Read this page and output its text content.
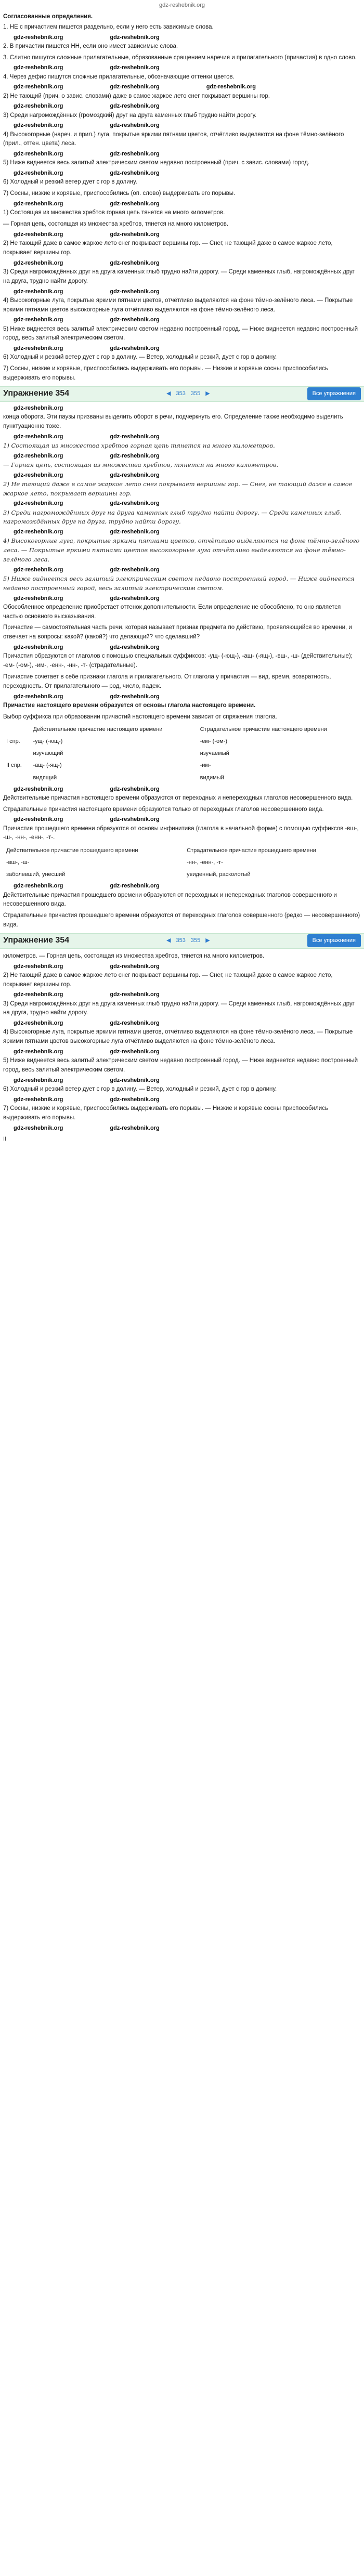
gdz-reshebnik.org
Согласованные определения.

1. НЕ с причастием пишется раздельно, если у него есть зависимые слова.

gdz-reshebnik.org	gdz-reshebnik.org

2. В причастии пишется НН, если оно имеет зависимые слова.

3. Слитно пишутся сложные прилагательные, образованные сращением наречия и прилагательного (причастия) в одно слово.

gdz-reshebnik.org	gdz-reshebnik.org

4. Через дефис пишутся сложные прилагательные, обозначающие оттенки цветов.

gdz-reshebnik.org	gdz-reshebnik.org	gdz-reshebnik.org

2) Не тающий (прич. о завис. словами) даже в самое жаркое лето снег покрывает вершины гор.

gdz-reshebnik.org	gdz-reshebnik.org

3) Среди нагромождённых (громоздкий) друг на друга каменных глыб трудно найти дорогу.

gdz-reshebnik.org	gdz-reshebnik.org

4) Высокогорные (нареч. и прил.) луга, покрытые яркими пятнами цветов, отчётливо выделяются на фоне тёмно-зелёного (прил., оттен. цвета) леса.

gdz-reshebnik.org	gdz-reshebnik.org

5) Ниже виднеется весь залитый электрическим светом недавно построенный (прич. с завис. словами) город.

gdz-reshebnik.org	gdz-reshebnik.org

6) Холодный и резкий ветер дует с гор в долину.

7) Сосны, низкие и корявые, приспособились (оп. слово) выдерживать его порывы.

gdz-reshebnik.org	gdz-reshebnik.org

1) Состоящая из множества хребтов горная цепь тянется на много километров.

— Горная цепь, состоящая из множества хребтов, тянется на много километров.

gdz-reshebnik.org	gdz-reshebnik.org

2) Не тающий даже в самое жаркое лето снег покрывает вершины гор. — Снег, не тающий даже в самое жаркое лето, покрывает вершины гор.

gdz-reshebnik.org	gdz-reshebnik.org

3) Среди нагромождённых друг на друга каменных глыб трудно найти дорогу. — Среди каменных глыб, нагромождённых друг на друга, трудно найти дорогу.

gdz-reshebnik.org	gdz-reshebnik.org

4) Высокогорные луга, покрытые яркими пятнами цветов, отчётливо выделяются на фоне тёмно-зелёного леса. — Покрытые яркими пятнами цветов высокогорные луга отчётливо выделяются на фоне тёмно-зелёного леса.

gdz-reshebnik.org	gdz-reshebnik.org

5) Ниже виднеется весь залитый электрическим светом недавно построенный город. — Ниже виднеется недавно построенный город, весь залитый электрическим светом.

gdz-reshebnik.org	gdz-reshebnik.org

6) Холодный и резкий ветер дует с гор в долину. — Ветер, холодный и резкий, дует с гор в долину.

7) Сосны, низкие и корявые, приспособились выдерживать его порывы. — Низкие и корявые сосны приспособились выдерживать его порывы.

Упражнение 354	◀ 353 355 ▶	Все упражнения
gdz-reshebnik.org

конца оборота. Эти паузы призваны выделить оборот в речи, подчеркнуть его. Определение также необходимо выделить пунктуационно тоже.

gdz-reshebnik.org	gdz-reshebnik.org

1) Состоящая из множества хребтов горная цепь тянется на много километров.

gdz-reshebnik.org	gdz-reshebnik.org

— Горная цепь, состоящая из множества хребтов, тянется на много километров.

gdz-reshebnik.org	gdz-reshebnik.org

2) Не тающий даже в самое жаркое лето снег покрывает вершины гор. — Снег, не тающий даже в самое жаркое лето, покрывает вершины гор.

gdz-reshebnik.org	gdz-reshebnik.org

3) Среди нагромождённых друг на друга каменных глыб трудно найти дорогу. — Среди каменных глыб, нагромождённых друг на друга, трудно найти дорогу.

gdz-reshebnik.org	gdz-reshebnik.org

4) Высокогорные луга, покрытые яркими пятнами цветов, отчётливо выделяются на фоне тёмно-зелёного леса. — Покрытые яркими пятнами цветов высокогорные луга отчётливо выделяются на фоне тёмно-зелёного леса.

gdz-reshebnik.org	gdz-reshebnik.org

5) Ниже виднеется весь залитый электрическим светом недавно построенный город. — Ниже виднеется недавно построенный город, весь залитый электрическим светом.

gdz-reshebnik.org	gdz-reshebnik.org

Обособленное определение приобретает оттенок дополнительности. Если определение не обособлено, то оно является частью основного высказывания.

Причастие — самостоятельная часть речи, которая называет признак предмета по действию, проявляющийся во времени, и отвечает на вопросы: какой? (какой?) что делающий? что сделавший?

gdz-reshebnik.org	gdz-reshebnik.org

Причастия образуются от глаголов с помощью специальных суффиксов: -ущ- (-ющ-), -ащ- (-ящ-), -вш-, -ш- (действительные); -ем- (-ом-), -им-, -енн-, -нн-, -т- (страдательные).

Причастие сочетает в себе признаки глагола и прилагательного. От глагола у причастия — вид, время, возвратность, переходность. От прилагательного — род, число, падеж.

gdz-reshebnik.org	gdz-reshebnik.org

Причастие настоящего времени образуется от основы глагола настоящего времени.

Выбор суффикса при образовании причастий настоящего времени зависит от спряжения глагола.

	Действительное причастие настоящего времени	Страдательное причастие настоящего времени
I спр.	-ущ- (-ющ-)	-ем- (-ом-)
	изучающий	изучаемый
II спр.	-ащ- (-ящ-)	-им-
	видящий	видимый
gdz-reshebnik.org	gdz-reshebnik.org

Действительные причастия настоящего времени образуются от переходных и непереходных глаголов несовершенного вида.

Страдательные причастия настоящего времени образуются только от переходных глаголов несовершенного вида.

gdz-reshebnik.org	gdz-reshebnik.org

Причастия прошедшего времени образуются от основы инфинитива (глагола в начальной форме) с помощью суффиксов -вш-, -ш-, -нн-, -енн-, -т-.

Действительное причастие прошедшего времени	Страдательное причастие прошедшего времени
-вш-, -ш-	-нн-, -енн-, -т-
заболевший, унесший	увиденный, расколотый
gdz-reshebnik.org	gdz-reshebnik.org

Действительные причастия прошедшего времени образуются от переходных и непереходных глаголов совершенного и несовершенного вида.

Страдательные причастия прошедшего времени образуются от переходных глаголов совершенного (редко — несовершенного) вида.

Упражнение 354	◀ 353 355 ▶	Все упражнения

километров. — Горная цепь, состоящая из множества хребтов, тянется на много километров.

gdz-reshebnik.org	gdz-reshebnik.org

2) Не тающий даже в самое жаркое лето снег покрывает вершины гор. — Снег, не тающий даже в самое жаркое лето, покрывает вершины гор.

gdz-reshebnik.org	gdz-reshebnik.org

3) Среди нагромождённых друг на друга каменных глыб трудно найти дорогу. — Среди каменных глыб, нагромождённых друг на друга, трудно найти дорогу.

gdz-reshebnik.org	gdz-reshebnik.org

4) Высокогорные луга, покрытые яркими пятнами цветов, отчётливо выделяются на фоне тёмно-зелёного леса. — Покрытые яркими пятнами цветов высокогорные луга отчётливо выделяются на фоне тёмно-зелёного леса.

gdz-reshebnik.org	gdz-reshebnik.org

5) Ниже виднеется весь залитый электрическим светом недавно построенный город. — Ниже виднеется недавно построенный город, весь залитый электрическим светом.

gdz-reshebnik.org	gdz-reshebnik.org

6) Холодный и резкий ветер дует с гор в долину. — Ветер, холодный и резкий, дует с гор в долину.

gdz-reshebnik.org	gdz-reshebnik.org

7) Сосны, низкие и корявые, приспособились выдерживать его порывы. — Низкие и корявые сосны приспособились выдерживать его порывы.

gdz-reshebnik.org	gdz-reshebnik.org
II
